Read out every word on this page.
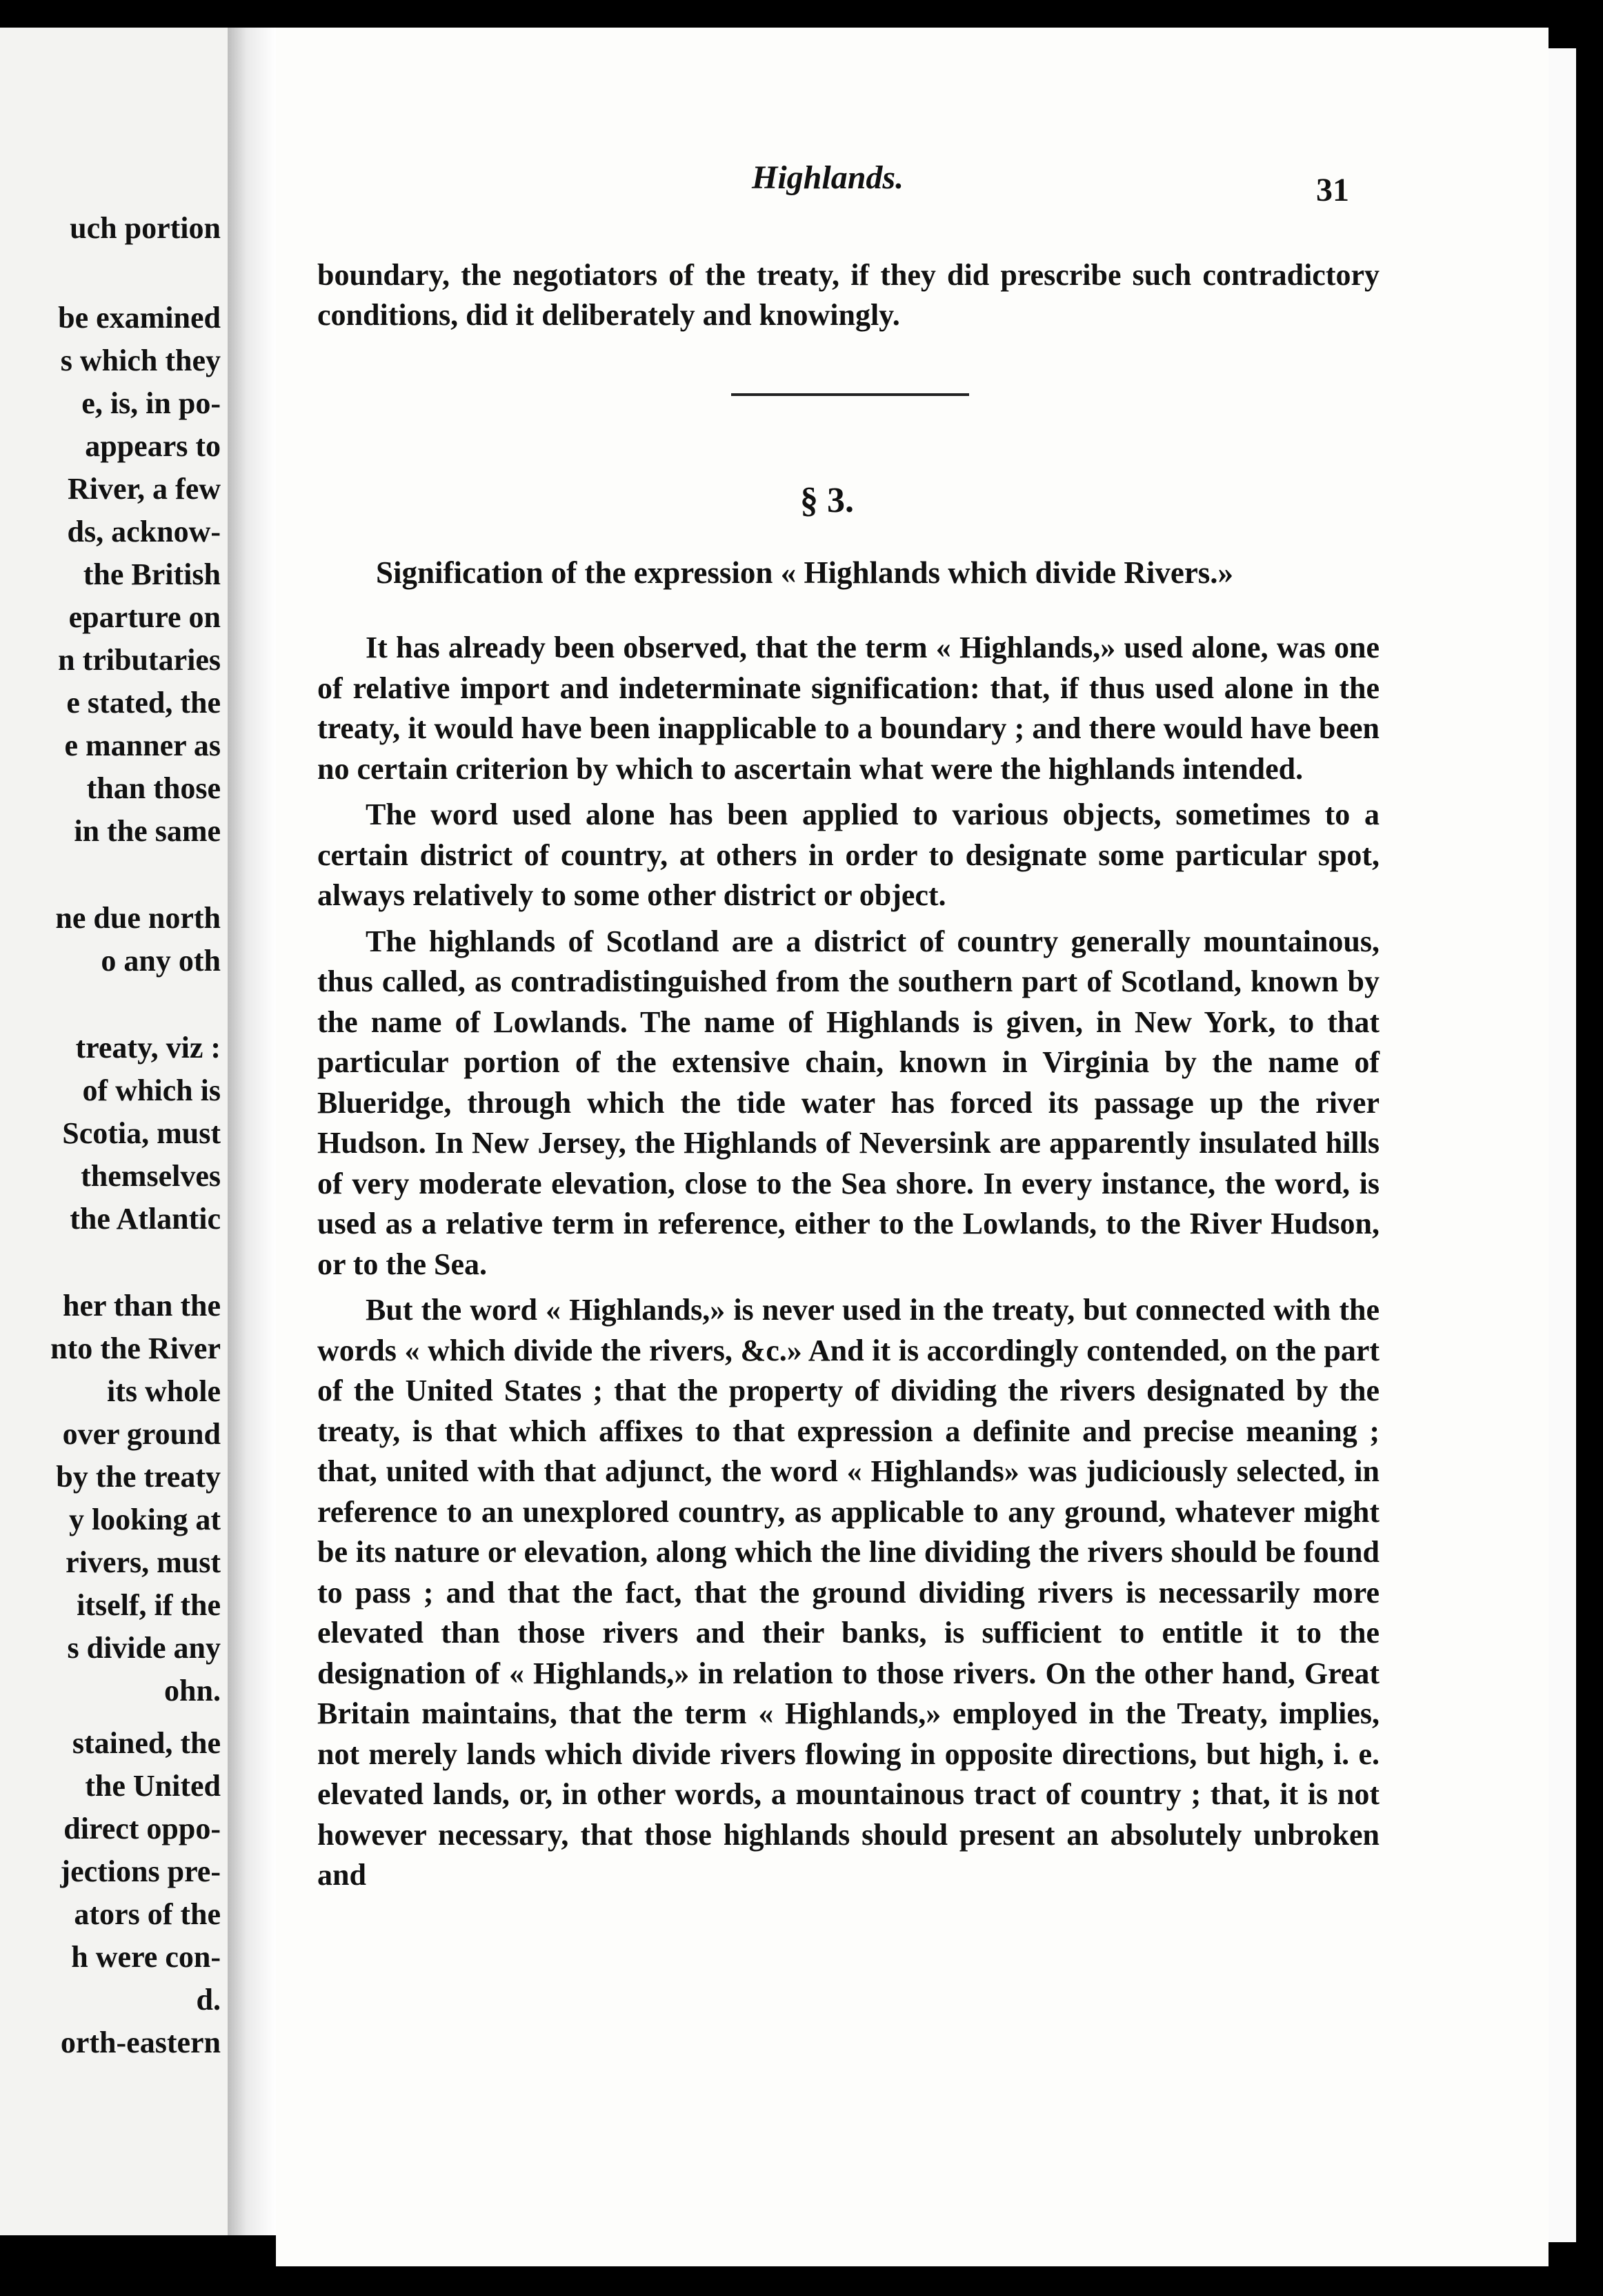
uch portion
be examined
s which they
e, is, in po-
appears to
River, a few
ds, acknow-
the British
eparture on
n tributaries
e stated, the
e manner as
than those
in the same
ne due north
o any oth
treaty, viz :
of which is
Scotia, must
themselves
the Atlantic
her than the
nto the River
its whole
over ground
by the treaty
y looking at
rivers, must
itself, if the
s divide any
ohn.
stained, the
the United
direct oppo-
jections pre-
ators of the
h were con-
d.
orth-eastern
Highlands.	31

boundary, the negotiators of the treaty, if they did prescribe such contradictory conditions, did it deliberately and knowingly.

§ 3.
Signification of the expression « Highlands which divide Rivers.»

It has already been observed, that the term « Highlands,» used alone, was one of relative import and indeterminate signification: that, if thus used alone in the treaty, it would have been inapplicable to a boundary ; and there would have been no certain criterion by which to ascertain what were the highlands intended.

The word used alone has been applied to various objects, sometimes to a certain district of country, at others in order to designate some particular spot, always relatively to some other district or object.

The highlands of Scotland are a district of country generally mountainous, thus called, as contradistinguished from the southern part of Scotland, known by the name of Lowlands. The name of Highlands is given, in New York, to that particular portion of the extensive chain, known in Virginia by the name of Blueridge, through which the tide water has forced its passage up the river Hudson. In New Jersey, the Highlands of Neversink are apparently insulated hills of very moderate elevation, close to the Sea shore. In every instance, the word, is used as a relative term in reference, either to the Lowlands, to the River Hudson, or to the Sea.

But the word « Highlands,» is never used in the treaty, but connected with the words « which divide the rivers, &c.» And it is accordingly contended, on the part of the United States ; that the property of dividing the rivers designated by the treaty, is that which affixes to that expression a definite and precise meaning ; that, united with that adjunct, the word « Highlands» was judiciously selected, in reference to an unexplored country, as applicable to any ground, whatever might be its nature or elevation, along which the line dividing the rivers should be found to pass ; and that the fact, that the ground dividing rivers is necessarily more elevated than those rivers and their banks, is sufficient to entitle it to the designation of « Highlands,» in relation to those rivers. On the other hand, Great Britain maintains, that the term « Highlands,» employed in the Treaty, implies, not merely lands which divide rivers flowing in opposite directions, but high, i. e. elevated lands, or, in other words, a mountainous tract of country ; that, it is not however necessary, that those highlands should present an absolutely unbroken and
